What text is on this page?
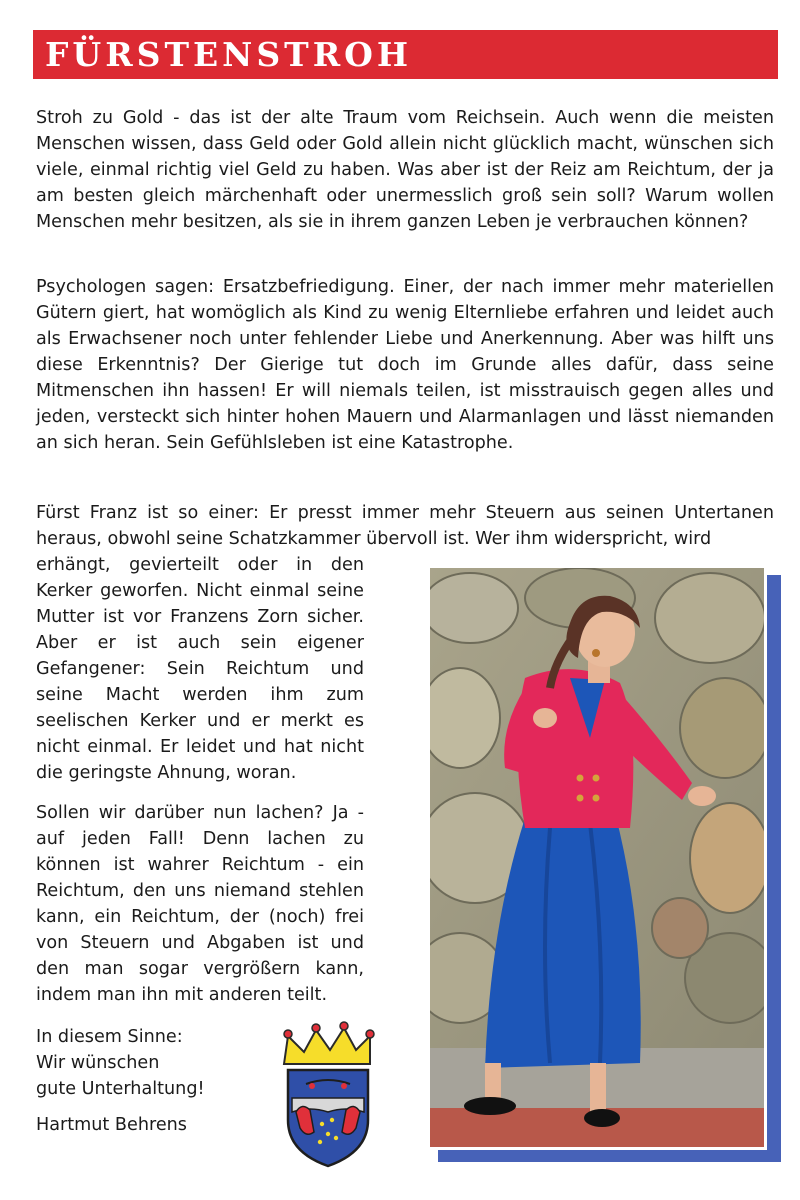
FÜRSTENSTROH

Stroh zu Gold - das ist der alte Traum vom Reichsein. Auch wenn die meisten Menschen wissen, dass Geld oder Gold allein nicht glücklich macht, wünschen sich viele, einmal richtig viel Geld zu haben. Was aber ist der Reiz am Reichtum, der ja am besten gleich märchenhaft oder unermesslich groß sein soll? Warum wollen Menschen mehr besitzen, als sie in ihrem ganzen Leben je verbrauchen können?

Psychologen sagen: Ersatzbefriedigung. Einer, der nach immer mehr materiellen Gütern giert, hat womöglich als Kind zu wenig Elternliebe erfahren und leidet auch als Erwachsener noch unter fehlender Liebe und Anerkennung. Aber was hilft uns diese Erkenntnis? Der Gierige tut doch im Grunde alles dafür, dass seine Mitmenschen ihn hassen! Er will niemals teilen, ist misstrauisch gegen alles und jeden, versteckt sich hinter hohen Mauern und Alarmanlagen und lässt niemanden an sich heran. Sein Gefühlsleben ist eine Katastrophe.

Fürst Franz ist so einer: Er presst immer mehr Steuern aus seinen Untertanen heraus, obwohl seine Schatzkammer übervoll ist. Wer ihm widerspricht, wird

erhängt, gevierteilt oder in den Kerker geworfen. Nicht einmal seine Mutter ist vor Franzens Zorn sicher. Aber er ist auch sein eigener Gefangener: Sein Reichtum und seine Macht werden ihm zum seelischen Kerker und er merkt es nicht einmal. Er leidet und hat nicht die geringste Ahnung, woran.

Sollen wir darüber nun lachen? Ja - auf jeden Fall! Denn lachen zu können ist wahrer Reichtum - ein Reichtum, den uns niemand stehlen kann, ein Reichtum, der (noch) frei von Steuern und Abgaben ist und den man sogar vergrößern kann, indem man ihn mit anderen teilt.

In diesem Sinne:
Wir wünschen
gute Unterhaltung!
Hartmut Behrens
